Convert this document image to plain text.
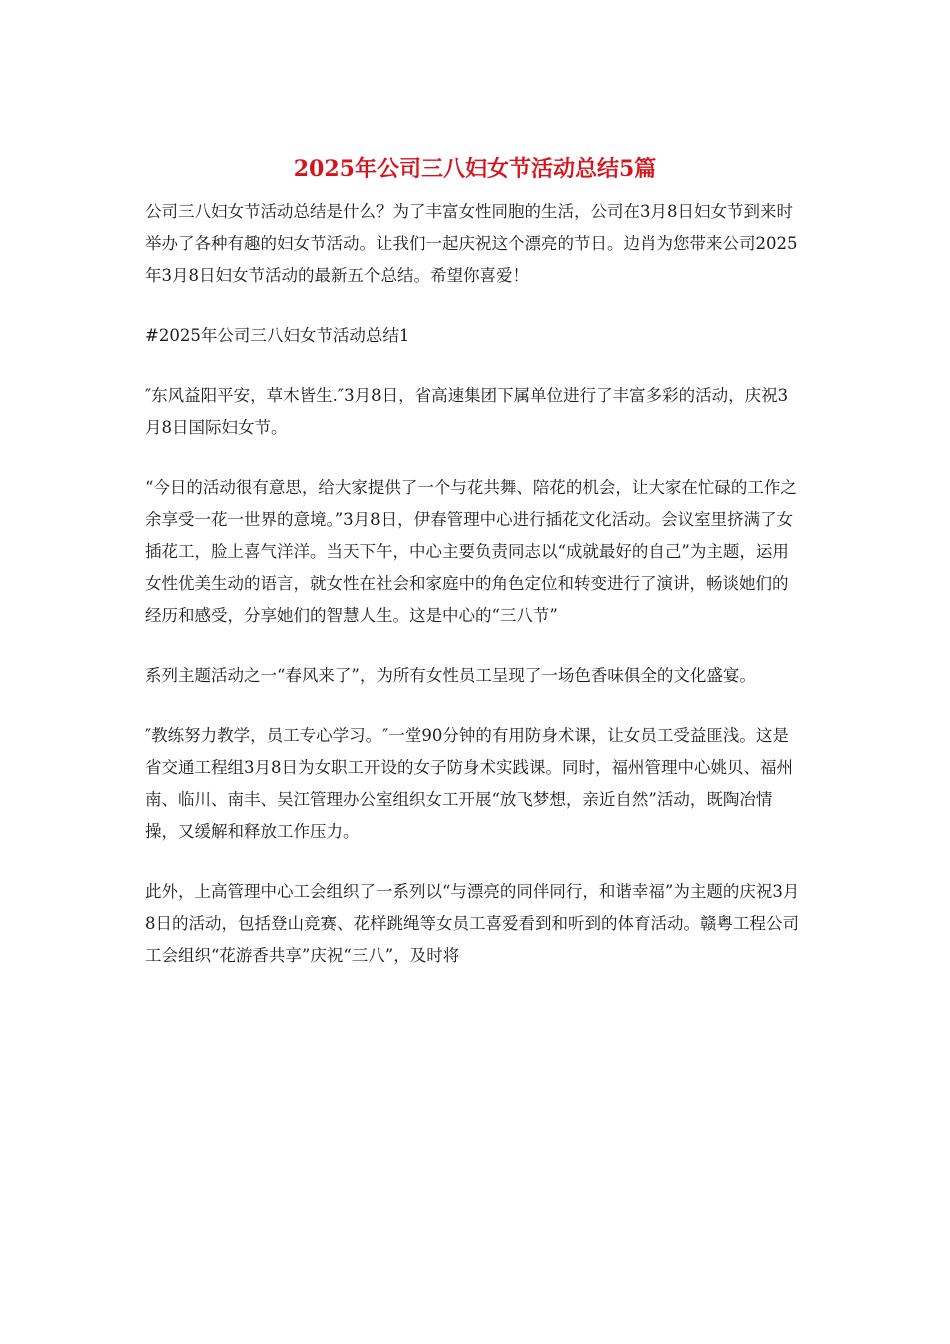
2025年公司三八妇女节活动总结5篇

公司三八妇女节活动总结是什么？为了丰富女性同胞的生活，公司在3月8日妇女节到来时举办了各种有趣的妇女节活动。让我们一起庆祝这个漂亮的节日。边肖为您带来公司2025年3月8日妇女节活动的最新五个总结。希望你喜爱！

#2025年公司三八妇女节活动总结1

″东风益阳平安，草木皆生.″3月8日，省高速集团下属单位进行了丰富多彩的活动，庆祝3月8日国际妇女节。

“今日的活动很有意思，给大家提供了一个与花共舞、陪花的机会，让大家在忙碌的工作之余享受一花一世界的意境。”3月8日，伊春管理中心进行插花文化活动。会议室里挤满了女插花工，脸上喜气洋洋。当天下午，中心主要负责同志以“成就最好的自己”为主题，运用女性优美生动的语言，就女性在社会和家庭中的角色定位和转变进行了演讲，畅谈她们的经历和感受，分享她们的智慧人生。这是中心的“三八节”

系列主题活动之一“春风来了”，为所有女性员工呈现了一场色香味俱全的文化盛宴。

″教练努力教学，员工专心学习。″一堂90分钟的有用防身术课，让女员工受益匪浅。这是省交通工程组3月8日为女职工开设的女子防身术实践课。同时，福州管理中心姚贝、福州南、临川、南丰、吴江管理办公室组织女工开展“放飞梦想，亲近自然”活动，既陶冶情操，又缓解和释放工作压力。

此外，上高管理中心工会组织了一系列以“与漂亮的同伴同行，和谐幸福”为主题的庆祝3月8日的活动，包括登山竞赛、花样跳绳等女员工喜爱看到和听到的体育活动。赣粤工程公司工会组织“花游香共享”庆祝“三八”，及时将
